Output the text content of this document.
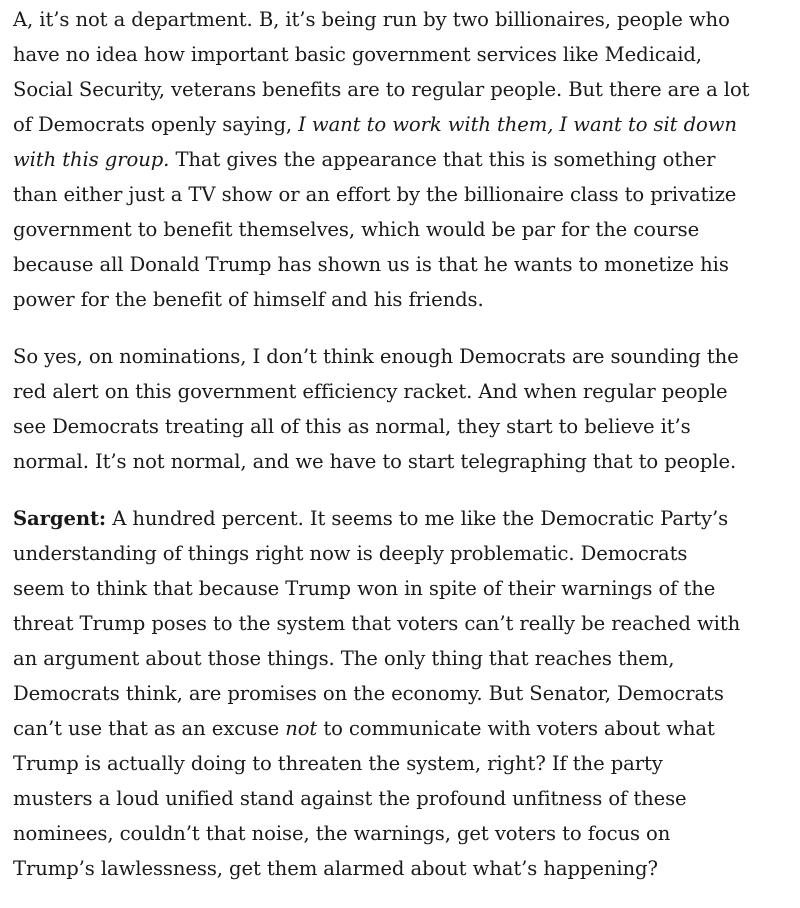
A, it’s not a department. B, it’s being run by two billionaires, people who
have no idea how important basic government services like Medicaid,
Social Security, veterans benefits are to regular people. But there are a lot
of Democrats openly saying, I want to work with them, I want to sit down
with this group. That gives the appearance that this is something other
than either just a TV show or an effort by the billionaire class to privatize
government to benefit themselves, which would be par for the course
because all Donald Trump has shown us is that he wants to monetize his
power for the benefit of himself and his friends.

So yes, on nominations, I don’t think enough Democrats are sounding the
red alert on this government efficiency racket. And when regular people
see Democrats treating all of this as normal, they start to believe it’s
normal. It’s not normal, and we have to start telegraphing that to people.

Sargent: A hundred percent. It seems to me like the Democratic Party’s
understanding of things right now is deeply problematic. Democrats
seem to think that because Trump won in spite of their warnings of the
threat Trump poses to the system that voters can’t really be reached with
an argument about those things. The only thing that reaches them,
Democrats think, are promises on the economy. But Senator, Democrats
can’t use that as an excuse not to communicate with voters about what
Trump is actually doing to threaten the system, right? If the party
musters a loud unified stand against the profound unfitness of these
nominees, couldn’t that noise, the warnings, get voters to focus on
Trump’s lawlessness, get them alarmed about what’s happening?
